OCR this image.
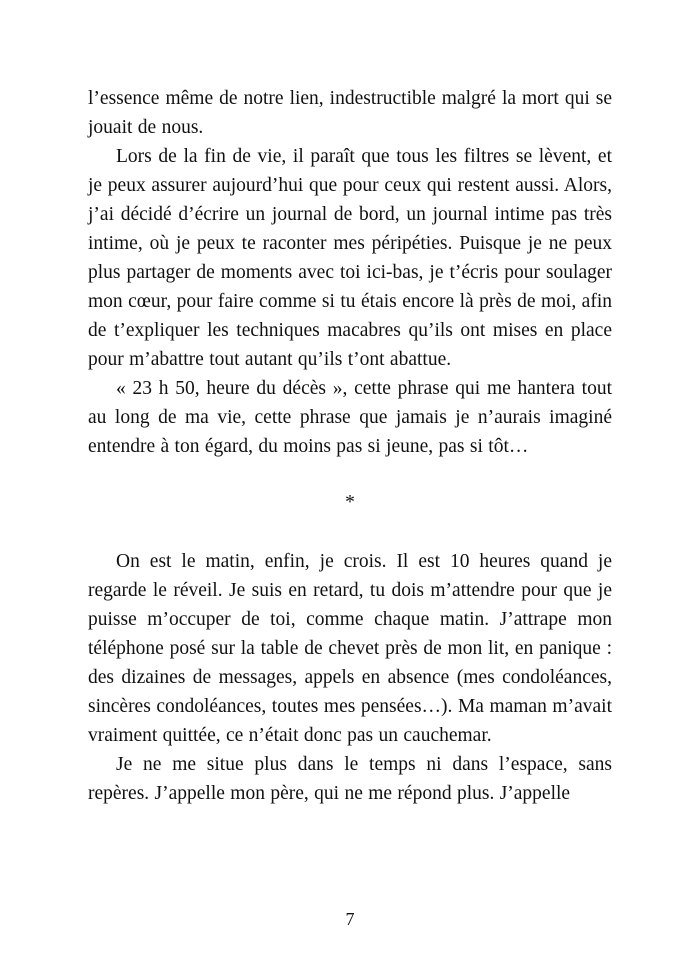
l’essence même de notre lien, indestructible malgré la mort qui se jouait de nous.

Lors de la fin de vie, il paraît que tous les filtres se lèvent, et je peux assurer aujourd’hui que pour ceux qui restent aussi. Alors, j’ai décidé d’écrire un journal de bord, un journal intime pas très intime, où je peux te raconter mes péripéties. Puisque je ne peux plus partager de moments avec toi ici-bas, je t’écris pour soulager mon cœur, pour faire comme si tu étais encore là près de moi, afin de t’expliquer les techniques macabres qu’ils ont mises en place pour m’abattre tout autant qu’ils t’ont abattue.

« 23 h 50, heure du décès », cette phrase qui me hantera tout au long de ma vie, cette phrase que jamais je n’aurais imaginé entendre à ton égard, du moins pas si jeune, pas si tôt…

*

On est le matin, enfin, je crois. Il est 10 heures quand je regarde le réveil. Je suis en retard, tu dois m’attendre pour que je puisse m’occuper de toi, comme chaque matin. J’attrape mon téléphone posé sur la table de chevet près de mon lit, en panique : des dizaines de messages, appels en absence (mes condoléances, sincères condoléances, toutes mes pensées…). Ma maman m’avait vraiment quittée, ce n’était donc pas un cauchemar.

Je ne me situe plus dans le temps ni dans l’espace, sans repères. J’appelle mon père, qui ne me répond plus. J’appelle

7
